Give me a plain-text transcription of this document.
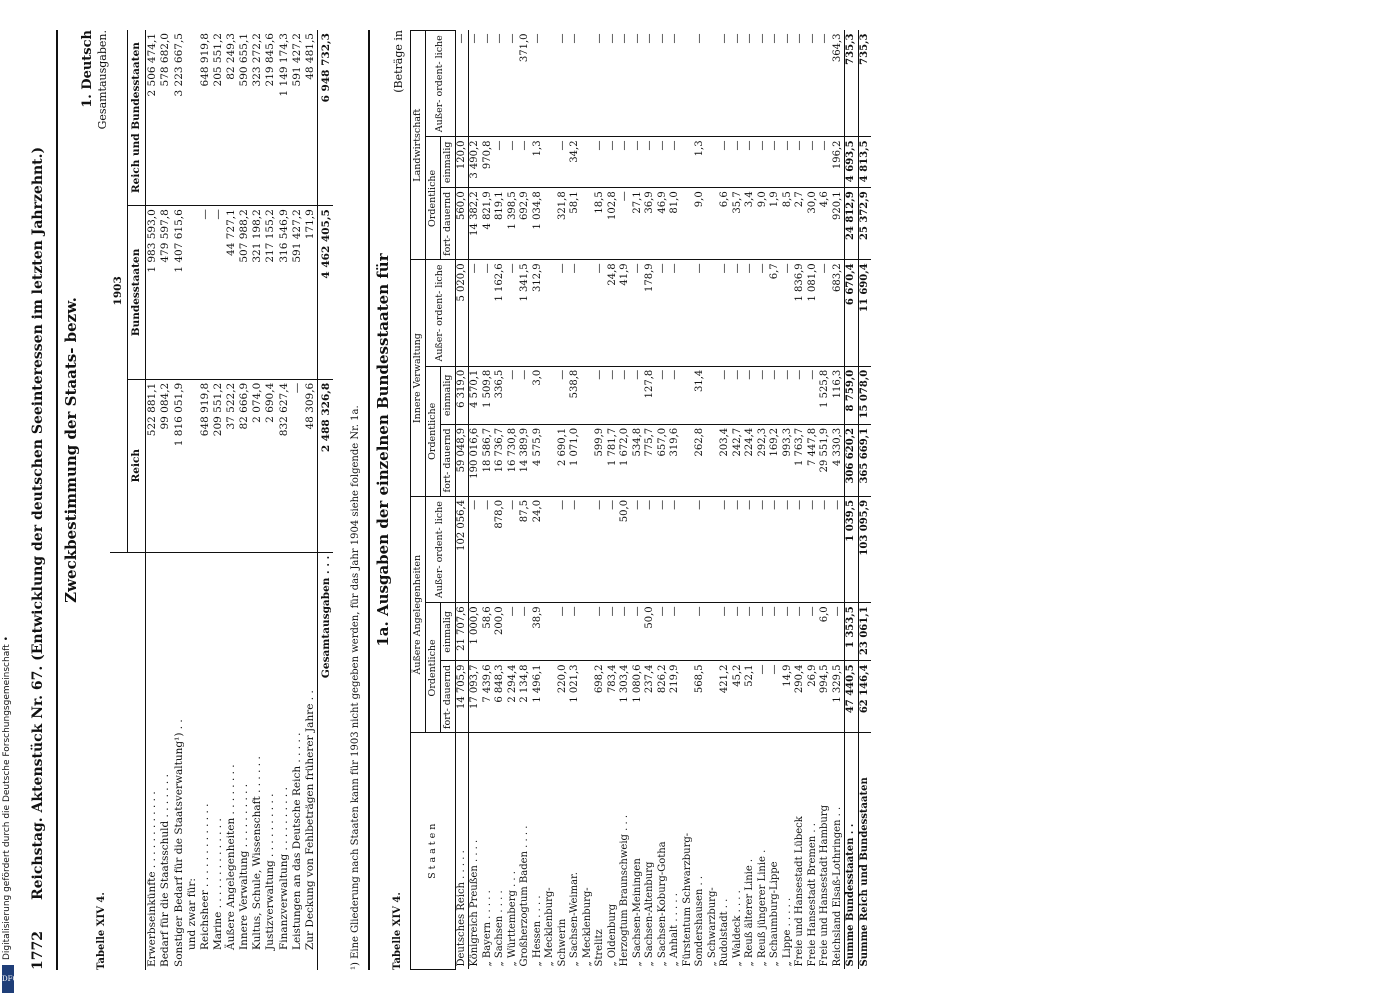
1772
Reichstag. Aktenstück Nr. 67. (Entwicklung der deutschen Seeinteressen im letzten Jahrzehnt.) Zweckbestimmung der Staats- bezw.
1. Deutsch Gesamtausgaben.
Tabelle XIV 4.
	1903		
	Reich	Bundesstaaten	Reich und Bundesstaaten
Erwerbseinkünfte . . . . . . . . . . . .	522 881,1	1 983 593,0	2 506 474,1
Bedarf für die Staatsschuld . . . . . . .	99 084,2	479 597,8	578 682,0
Sonstiger Bedarf für die Staatsverwaltung¹) . .	1 816 051,9	1 407 615,6	3 223 667,5
und zwar für:			
Reichsheer . . . . . . . . . . . . .	648 919,8	—	648 919,8
Marine . . . . . . . . . . . . . .	209 551,2	—	205 551,2
Äußere Angelegenheiten . . . . . . . .	37 522,2	44 727,1	82 249,3
Innere Verwaltung . . . . . . . . . .	82 666,9	507 988,2	590 655,1
Kultus, Schule, Wissenschaft . . . . . .	2 074,0	321 198,2	323 272,2
Justizverwaltung . . . . . . . . . .	2 690,4	217 155,2	219 845,6
Finanzverwaltung . . . . . . . . . .	832 627,4	316 546,9	1 149 174,3
Leistungen an das Deutsche Reich . . . . .	—	591 427,2	591 427,2
Zur Deckung von Fehlbeträgen früherer Jahre . .	48 309,6	171,9	48 481,5
Gesamtausgaben . . .	2 488 326,8	4 462 405,5	6 948 732,3
¹) Eine Gliederung nach Staaten kann für 1903 nicht gegeben werden, für das Jahr 1904 siehe folgende Nr. 1a. 1a. Ausgaben der einzelnen Bundesstaaten für
(Beträge in
Tabelle XIV 4.
S t a a t e n	Äußere Angelegenheiten			Innere Verwaltung			Landwirtschaft		
	Ordentliche		Außer- ordent- liche	Ordentliche		Außer- ordent- liche	Ordentliche		Außer- ordent- liche
	fort- dauernd	einmalig		fort- dauernd	einmalig		fort- dauernd	einmalig	
Deutsches Reich . . . . .	14 705,9	21 707,6	102 056,4	59 048,9	6 319,0	5 020,0	560,0	120,0	—
Königreich Preußen . . . .	17 093,7	1 000,0	—	190 016,6	4 570,1	—	14 382,2	3 490,2	—
„ Bayern . . . . .	7 439,6	58,6	—	18 586,7	1 509,8	—	4 821,9	970,8	—
„ Sachsen . . . .	6 848,3	200,0	878,0	16 736,7	336,5	1 162,6	819,1	—	—
„ Württemberg . . .	2 294,4	—	—	16 730,8	—	—	1 398,5	—	—
Großherzogtum Baden . . . .	2 134,8	—	87,5	14 389,9	—	1 341,5	692,9	—	371,0
„ Hessen . . . .	1 496,1	38,9	24,0	4 575,9	3,0	312,9	1 034,8	1,3	—
„ Mecklenburg-									
Schwerin	220,0	—	—	2 690,1	—	—	321,8	—	—
„ Sachsen-Weimar.	1 021,3	—	—	1 071,0	538,8	—	58,1	34,2	—
„ Mecklenburg-									
Strelitz	698,2	—	—	599,9	—	—	18,5	—	—
„ Oldenburg	783,4	—	—	1 781,7	—	24,8	102,8	—	—
Herzogtum Braunschweig . . .	1 303,4	—	50,0	1 672,0	—	41,9	—	—	—
„ Sachsen-Meiningen	1 080,6	—	—	534,8	—	—	27,1	—	—
„ Sachsen-Altenburg	237,4	50,0	—	775,7	127,8	178,9	36,9	—	—
„ Sachsen-Koburg-Gotha	826,2	—	—	657,0	—	—	46,9	—	—
„ Anhalt . . . . .	219,9	—	—	319,6	—	—	81,0	—	—
Fürstentum Schwarzburg-									
Sondershausen . .	568,5	—	—	262,8	31,4	—	9,0	1,3	—
„ Schwarzburg-									
Rudolstadt . .	421,2	—	—	203,4	—	—	6,6	—	—
„ Waldeck . . . .	45,2	—	—	242,7	—	—	35,7	—	—
„ Reuß älterer Linie .	52,1	—	—	224,4	—	—	3,4	—	—
„ Reuß jüngerer Linie .	—	—	—	292,3	—	—	9,0	—	—
„ Schaumburg-Lippe	—	—	—	169,2	—	6,7	1,9	—	—
„ Lippe . . . . .	14,9	—	—	993,3	—	—	8,5	—	—
Freie und Hansestadt Lübeck	290,4	—	—	1 763,7	—	1 836,9	2,7	—	—
Freie Hansestadt Bremen . .	26,9	—	—	7 447,8	—	1 081,0	30,0	—	—
Freie und Hansestadt Hamburg	994,5	6,0	—	29 551,9	1 525,8	—	4,6	—	—
Reichsland Elsaß-Lothringen . .	1 329,5	—	—	4 330,3	116,3	683,2	920,1	196,2	364,3
Summe Bundesstaaten . .	47 440,5	1 353,5	1 039,5	306 620,2	8 759,0	6 670,4	24 812,9	4 693,5	735,3
Summe Reich und Bundesstaaten	62 146,4	23 061,1	103 095,9	365 669,1	15 078,0	11 690,4	25 372,9	4 813,5	735,3
DFG
Digitalisierung gefördert durch die Deutsche Forschungsgemeinschaft •
